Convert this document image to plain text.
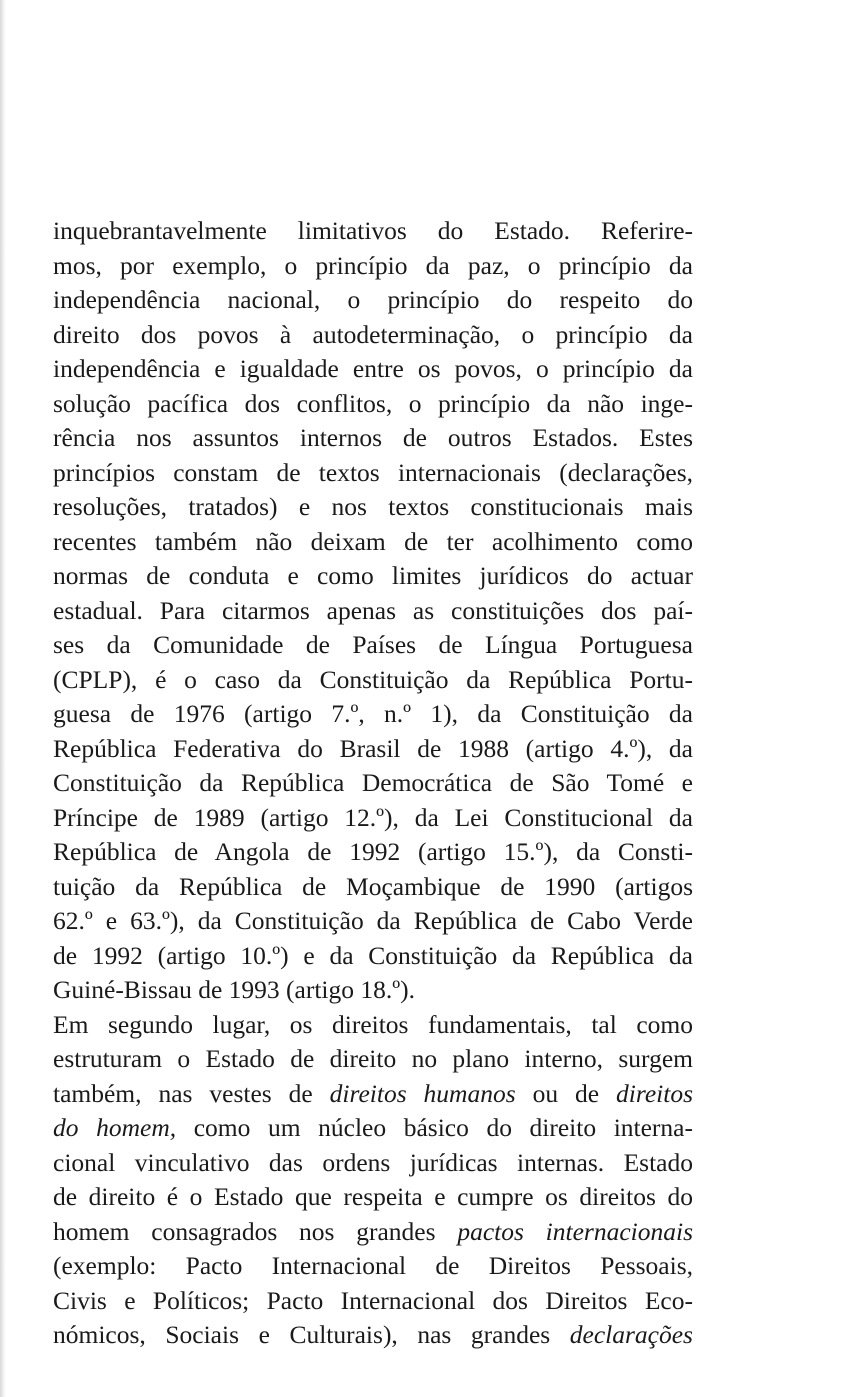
inquebrantavelmente limitativos do Estado. Referire-
mos, por exemplo, o princípio da paz, o princípio da
independência nacional, o princípio do respeito do
direito dos povos à autodeterminação, o princípio da
independência e igualdade entre os povos, o princípio da
solução pacífica dos conflitos, o princípio da não inge-
rência nos assuntos internos de outros Estados. Estes
princípios constam de textos internacionais (declarações,
resoluções, tratados) e nos textos constitucionais mais
recentes também não deixam de ter acolhimento como
normas de conduta e como limites jurídicos do actuar
estadual. Para citarmos apenas as constituições dos paí-
ses da Comunidade de Países de Língua Portuguesa
(CPLP), é o caso da Constituição da República Portu-
guesa de 1976 (artigo 7.º, n.º 1), da Constituição da
República Federativa do Brasil de 1988 (artigo 4.º), da
Constituição da República Democrática de São Tomé e
Príncipe de 1989 (artigo 12.º), da Lei Constitucional da
República de Angola de 1992 (artigo 15.º), da Consti-
tuição da República de Moçambique de 1990 (artigos
62.º e 63.º), da Constituição da República de Cabo Verde
de 1992 (artigo 10.º) e da Constituição da República da
Guiné-Bissau de 1993 (artigo 18.º).
Em segundo lugar, os direitos fundamentais, tal como
estruturam o Estado de direito no plano interno, surgem
também, nas vestes de direitos humanos ou de direitos
do homem, como um núcleo básico do direito interna-
cional vinculativo das ordens jurídicas internas. Estado
de direito é o Estado que respeita e cumpre os direitos do
homem consagrados nos grandes pactos internacionais
(exemplo: Pacto Internacional de Direitos Pessoais,
Civis e Políticos; Pacto Internacional dos Direitos Eco-
nómicos, Sociais e Culturais), nas grandes declarações
